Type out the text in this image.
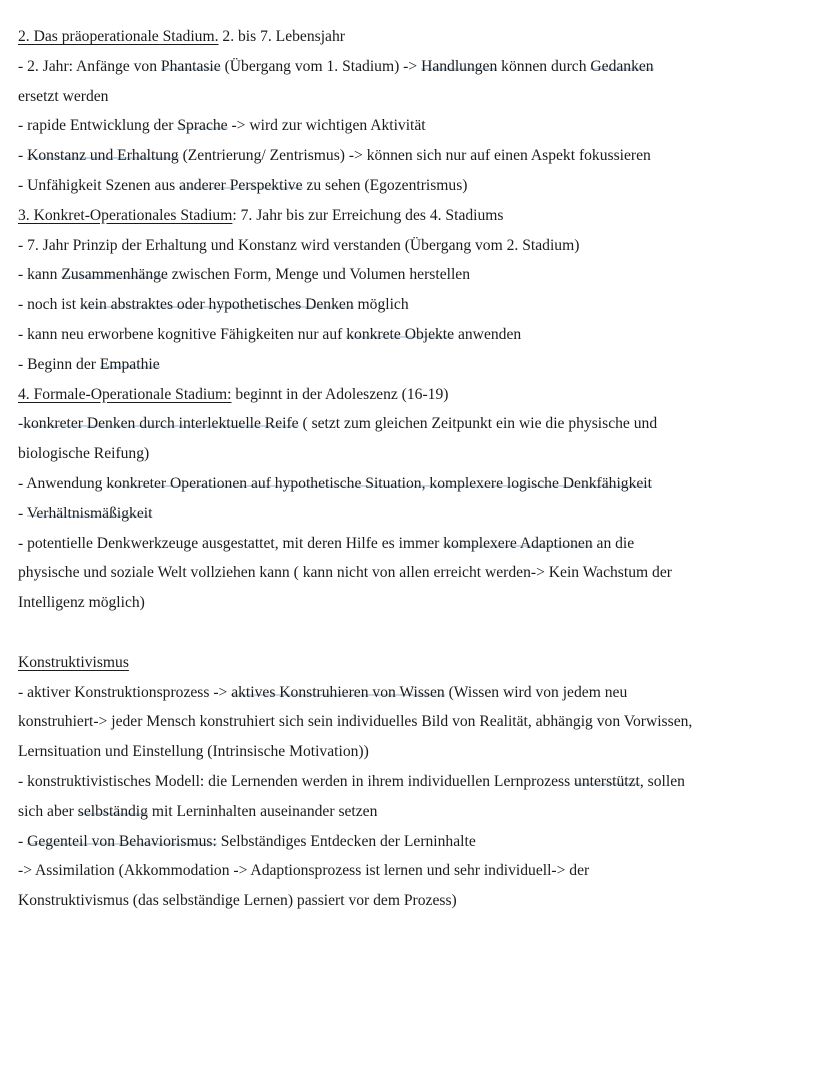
2. Das präoperationale Stadium. 2. bis 7. Lebensjahr
- 2. Jahr: Anfänge von Phantasie (Übergang vom 1. Stadium) -> Handlungen können durch Gedanken
ersetzt werden
- rapide Entwicklung der Sprache -> wird zur wichtigen Aktivität
- Konstanz und Erhaltung (Zentrierung/ Zentrismus) -> können sich nur auf einen Aspekt fokussieren
- Unfähigkeit Szenen aus anderer Perspektive zu sehen (Egozentrismus)
3. Konkret-Operationales Stadium: 7. Jahr bis zur Erreichung des 4. Stadiums
- 7. Jahr Prinzip der Erhaltung und Konstanz wird verstanden (Übergang vom 2. Stadium)
- kann Zusammenhänge zwischen Form, Menge und Volumen herstellen
- noch ist kein abstraktes oder hypothetisches Denken möglich
- kann neu erworbene kognitive Fähigkeiten nur auf konkrete Objekte anwenden
- Beginn der Empathie
4. Formale-Operationale Stadium: beginnt in der Adoleszenz (16-19)
-konkreter Denken durch interlektuelle Reife ( setzt zum gleichen Zeitpunkt ein wie die physische und
biologische Reifung)
- Anwendung konkreter Operationen auf hypothetische Situation, komplexere logische Denkfähigkeit
- Verhältnismäßigkeit
- potentielle Denkwerkzeuge ausgestattet, mit deren Hilfe es immer komplexere Adaptionen an die
physische und soziale Welt vollziehen kann ( kann nicht von allen erreicht werden-> Kein Wachstum der
Intelligenz möglich)
Konstruktivismus
- aktiver Konstruktionsprozess -> aktives Konstruhieren von Wissen (Wissen wird von jedem neu
konstruhiert-> jeder Mensch konstruhiert sich sein individuelles Bild von Realität, abhängig von Vorwissen,
Lernsituation und Einstellung (Intrinsische Motivation))
- konstruktivistisches Modell: die Lernenden werden in ihrem individuellen Lernprozess unterstützt, sollen
sich aber selbständig mit Lerninhalten auseinander setzen
- Gegenteil von Behaviorismus: Selbständiges Entdecken der Lerninhalte
-> Assimilation (Akkommodation -> Adaptionsprozess ist lernen und sehr individuell-> der
Konstruktivismus (das selbständige Lernen) passiert vor dem Prozess)
